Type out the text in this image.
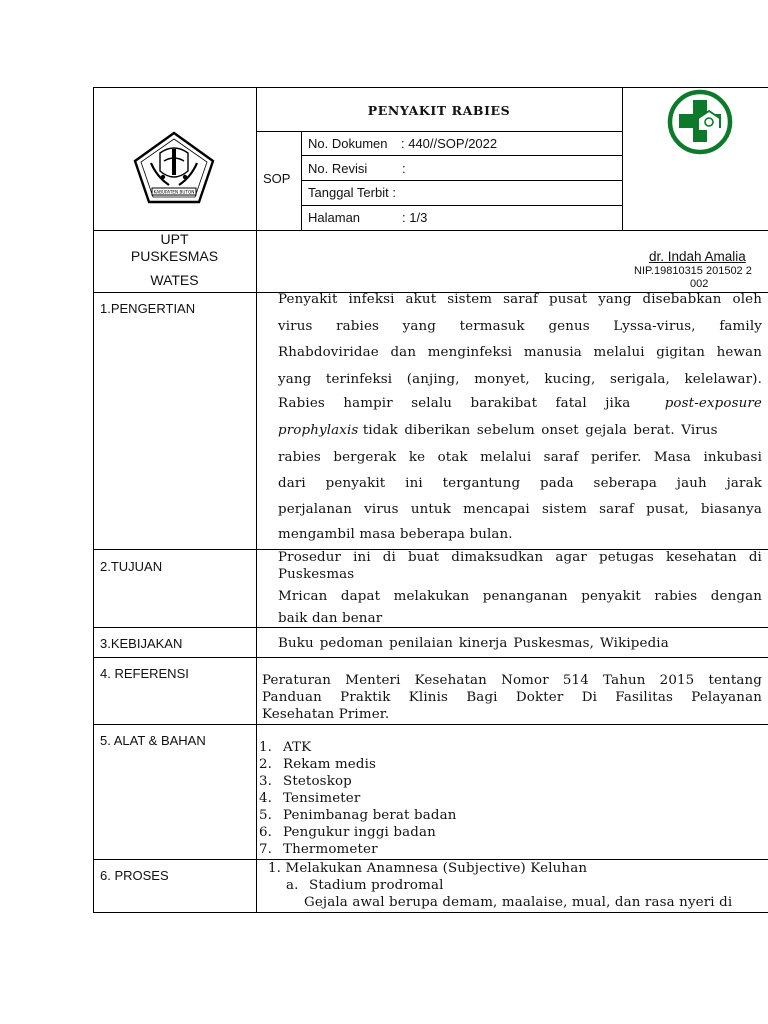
KABUPATEN BUTON
PENYAKIT RABIES
SOP
No. Dokumen : 440//SOP/2022
No. Revisi	:
Tanggal Terbit :
Halaman	: 1/3
UPT
PUSKESMAS
WATES
dr. Indah Amalia
NIP.19810315 201502 2
002
1.PENGERTIAN
Penyakit infeksi akut sistem saraf pusat yang disebabkan oleh
virus rabies yang termasuk genus Lyssa-virus, family
Rhabdoviridae dan menginfeksi manusia melalui gigitan hewan
yang terinfeksi (anjing, monyet, kucing, serigala, kelelawar).
Rabies hampir selalu barakibat fatal jika	post-exposure
prophylaxis tidak diberikan sebelum onset gejala berat. Virus
rabies bergerak ke otak melalui saraf perifer. Masa inkubasi
dari penyakit ini tergantung pada seberapa jauh jarak
perjalanan virus untuk mencapai sistem saraf pusat, biasanya
mengambil masa beberapa bulan.
2.TUJUAN
Prosedur ini di buat dimaksudkan agar petugas kesehatan di
Puskesmas
Mrican dapat melakukan penanganan penyakit rabies dengan
baik dan benar
3.KEBIJAKAN	Buku pedoman penilaian kinerja Puskesmas, Wikipedia
4. REFERENSI	Peraturan Menteri Kesehatan Nomor 514 Tahun 2015 tentang
Panduan Praktik Klinis Bagi Dokter Di Fasilitas Pelayanan
Kesehatan Primer.
5. ALAT & BAHAN	1. ATK
2. Rekam medis
3. Stetoskop
4. Tensimeter
5. Penimbanag berat badan
6. Pengukur inggi badan
7. Thermometer
6. PROSES	1. Melakukan Anamnesa (Subjective) Keluhan
a. Stadium prodromal
Gejala awal berupa demam, maalaise, mual, dan rasa nyeri di
